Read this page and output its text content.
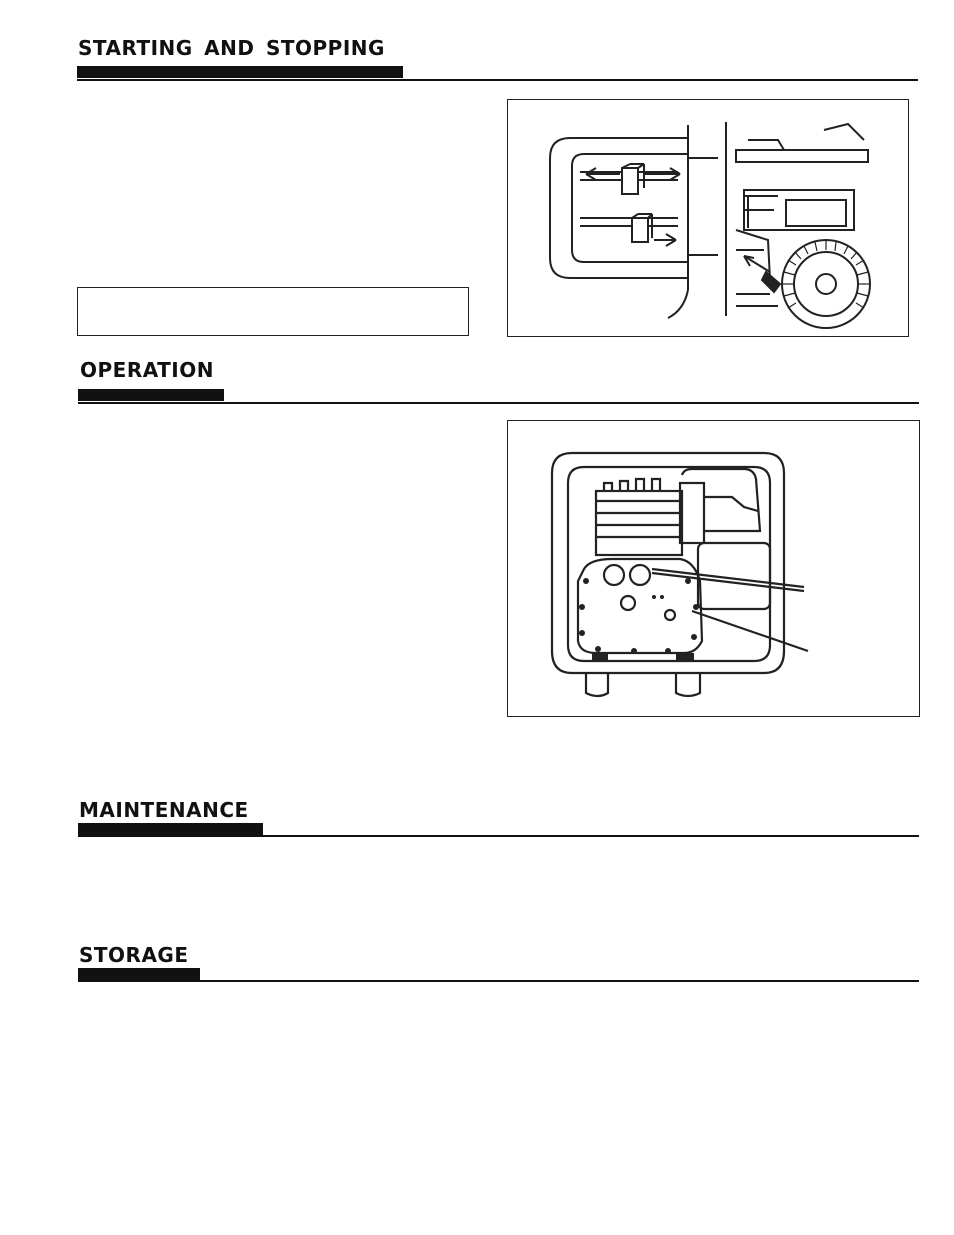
STARTING AND STOPPING
OPERATION
MAINTENANCE
STORAGE
